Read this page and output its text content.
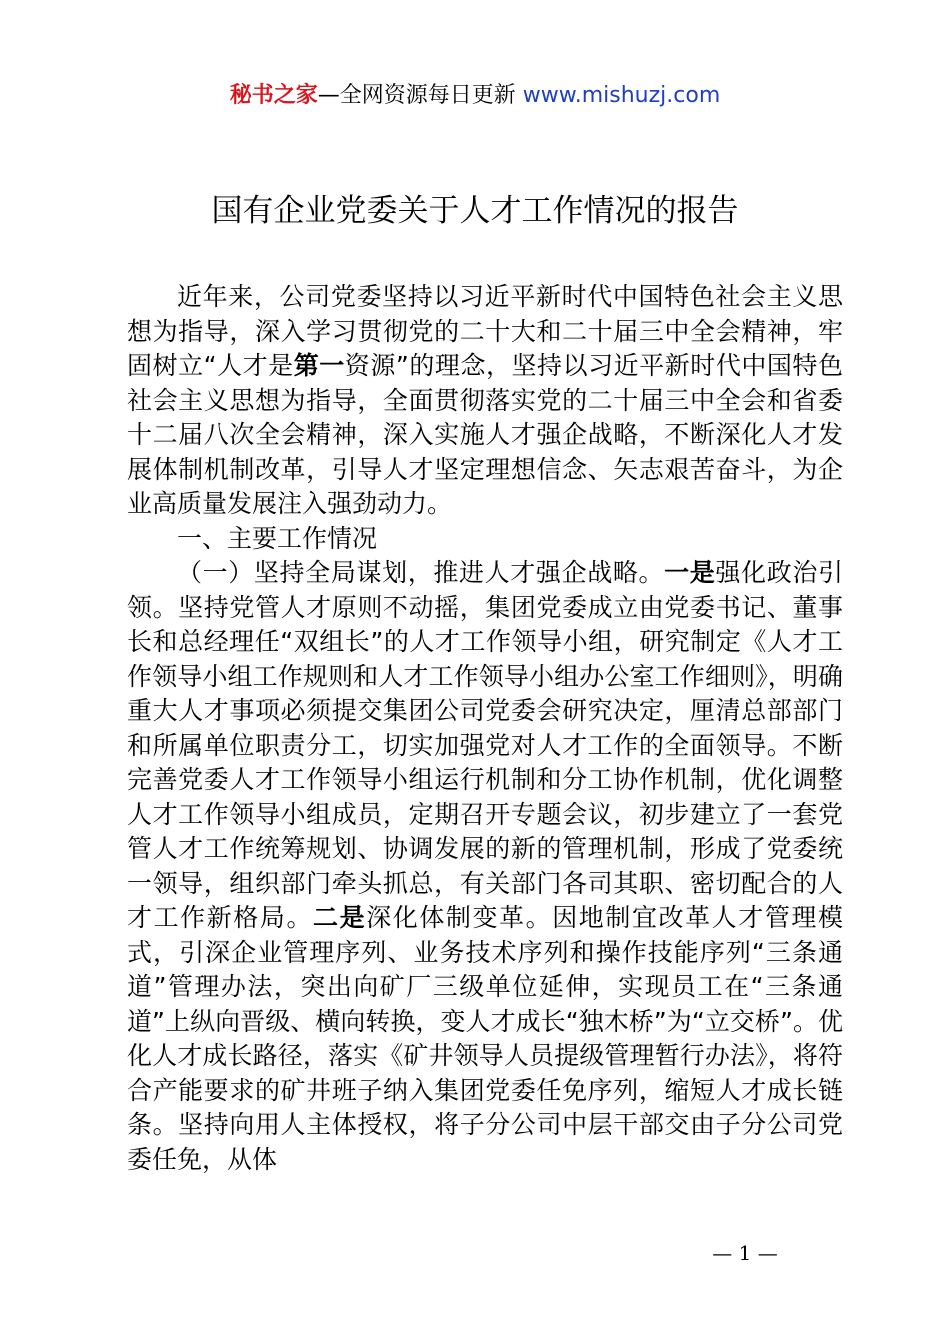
秘书之家—全网资源每日更新 www.mishuzj.com
国有企业党委关于人才工作情况的报告

近年来，公司党委坚持以习近平新时代中国特色社会主义思想为指导，深入学习贯彻党的二十大和二十届三中全会精神，牢固树立“人才是第一资源”的理念，坚持以习近平新时代中国特色社会主义思想为指导，全面贯彻落实党的二十届三中全会和省委十二届八次全会精神，深入实施人才强企战略，不断深化人才发展体制机制改革，引导人才坚定理想信念、矢志艰苦奋斗，为企业高质量发展注入强劲动力。

一、主要工作情况

（一）坚持全局谋划，推进人才强企战略。一是强化政治引领。坚持党管人才原则不动摇，集团党委成立由党委书记、董事长和总经理任“双组长”的人才工作领导小组，研究制定《人才工作领导小组工作规则和人才工作领导小组办公室工作细则》，明确重大人才事项必须提交集团公司党委会研究决定，厘清总部部门和所属单位职责分工，切实加强党对人才工作的全面领导。不断完善党委人才工作领导小组运行机制和分工协作机制，优化调整人才工作领导小组成员，定期召开专题会议，初步建立了一套党管人才工作统筹规划、协调发展的新的管理机制，形成了党委统一领导，组织部门牵头抓总，有关部门各司其职、密切配合的人才工作新格局。二是深化体制变革。因地制宜改革人才管理模式，引深企业管理序列、业务技术序列和操作技能序列“三条通道”管理办法，突出向矿厂三级单位延伸，实现员工在“三条通道”上纵向晋级、横向转换，变人才成长“独木桥”为“立交桥”。优化人才成长路径，落实《矿井领导人员提级管理暂行办法》，将符合产能要求的矿井班子纳入集团党委任免序列，缩短人才成长链条。坚持向用人主体授权，将子分公司中层干部交由子分公司党委任免，从体

— 1 —
